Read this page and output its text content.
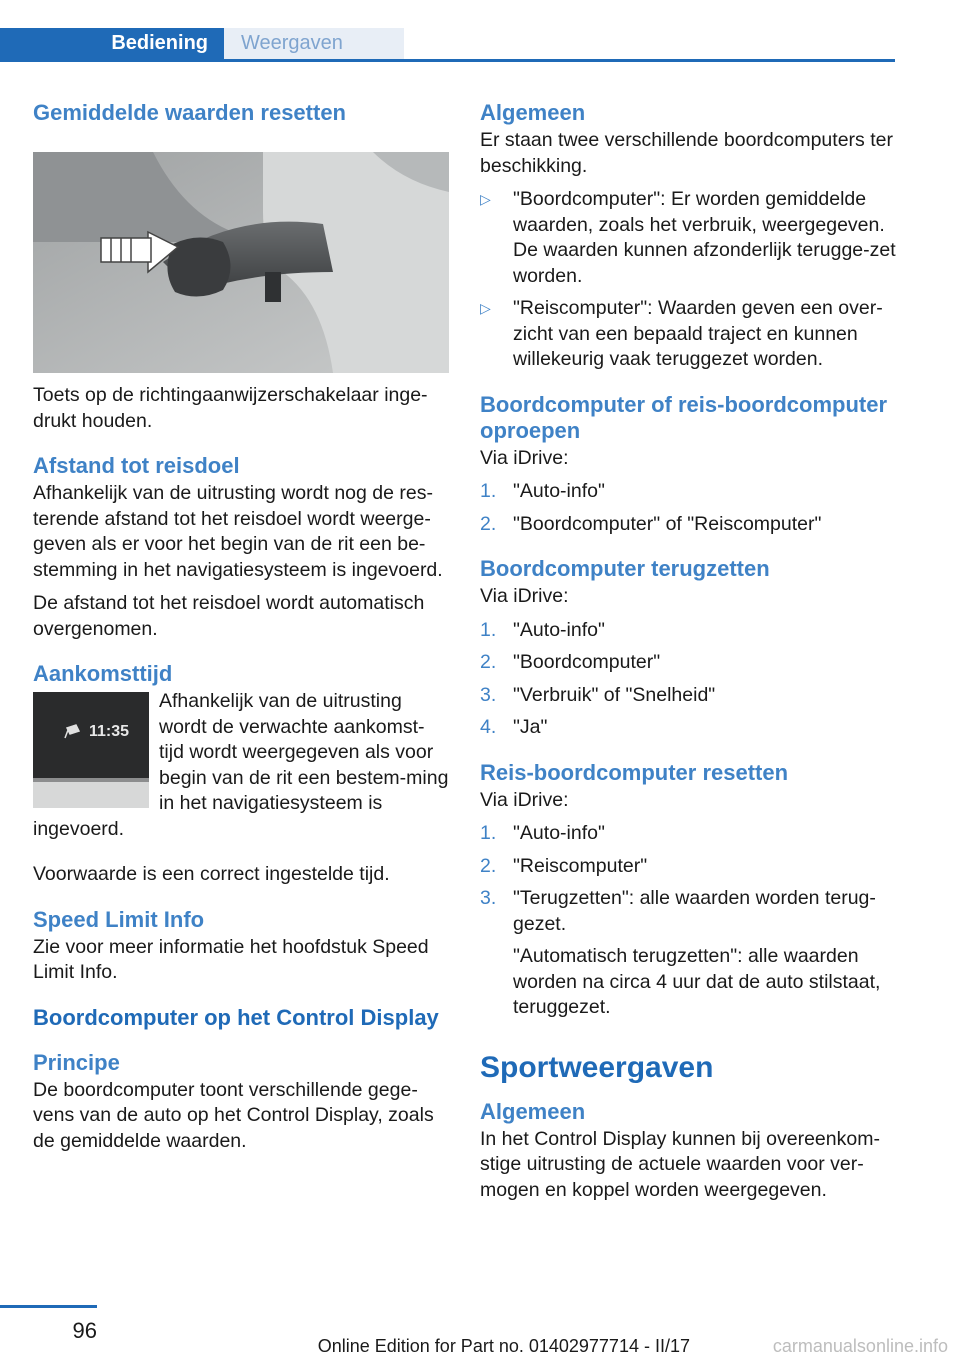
Bediening	Weergaven
Gemiddelde waarden resetten

Toets op de richtingaanwijzerschakelaar inge-drukt houden.

Afstand tot reisdoel

Afhankelijk van de uitrusting wordt nog de res-terende afstand tot het reisdoel wordt weerge-geven als er voor het begin van de rit een be-stemming in het navigatiesysteem is ingevoerd.

De afstand tot het reisdoel wordt automatisch overgenomen.

Aankomsttijd
11:35

Afhankelijk van de uitrusting wordt de verwachte aankomst-tijd wordt weergegeven als voor begin van de rit een bestem-ming in het navigatiesysteem is ingevoerd.

Voorwaarde is een correct ingestelde tijd.

Speed Limit Info

Zie voor meer informatie het hoofdstuk Speed Limit Info.

Boordcomputer op het Control Display
Principe

De boordcomputer toont verschillende gege-vens van de auto op het Control Display, zoals de gemiddelde waarden.

Algemeen

Er staan twee verschillende boordcomputers ter beschikking.

▷ "Boordcomputer": Er worden gemiddelde waarden, zoals het verbruik, weergegeven. De waarden kunnen afzonderlijk terugge-zet worden.
▷ "Reiscomputer": Waarden geven een over-zicht van een bepaald traject en kunnen willekeurig vaak teruggezet worden.
Boordcomputer of reis-boordcomputer oproepen

Via iDrive:

1. "Auto-info"
2. "Boordcomputer" of "Reiscomputer"
Boordcomputer terugzetten

Via iDrive:

1. "Auto-info"
2. "Boordcomputer"
3. "Verbruik" of "Snelheid"
4. "Ja"
Reis-boordcomputer resetten

Via iDrive:

1. "Auto-info"
2. "Reiscomputer"
3. "Terugzetten": alle waarden worden terug-gezet.
"Automatisch terugzetten": alle waarden worden na circa 4 uur dat de auto stilstaat, teruggezet.
Sportweergaven
Algemeen

In het Control Display kunnen bij overeenkom-stige uitrusting de actuele waarden voor ver-mogen en koppel worden weergegeven.

96
Online Edition for Part no. 01402977714 - II/17	carmanualsonline.info
